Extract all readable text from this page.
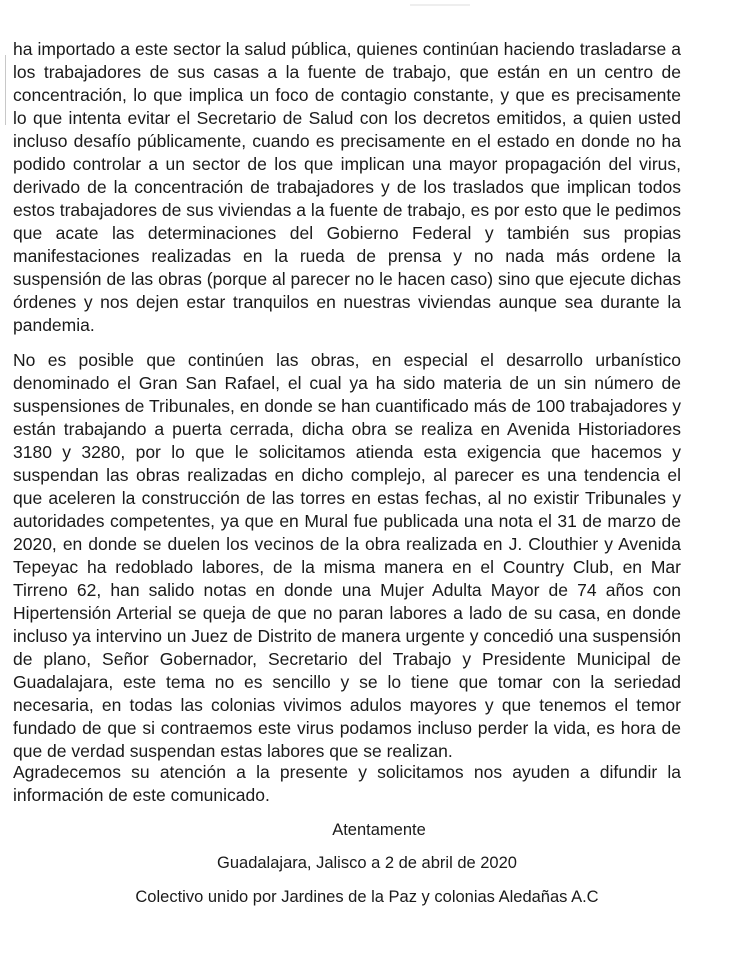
ha importado a este sector la salud pública, quienes continúan haciendo trasladarse a los trabajadores de sus casas a la fuente de trabajo, que están en un centro de concentración, lo que implica un foco de contagio constante, y que es precisamente lo que intenta evitar el Secretario de Salud con los decretos emitidos, a quien usted incluso desafío públicamente, cuando es precisamente en el estado en donde no ha podido controlar a un sector de los que implican una mayor propagación del virus, derivado de la concentración de trabajadores y de los traslados que implican todos estos trabajadores de sus viviendas a la fuente de trabajo, es por esto que le pedimos que acate las determinaciones del Gobierno Federal y también sus propias manifestaciones realizadas en la rueda de prensa y no nada más ordene la suspensión de las obras (porque al parecer no le hacen caso) sino que ejecute dichas órdenes y nos dejen estar tranquilos en nuestras viviendas aunque sea durante la pandemia.

No es posible que continúen las obras, en especial el desarrollo urbanístico denominado el Gran San Rafael, el cual ya ha sido materia de un sin número de suspensiones de Tribunales, en donde se han cuantificado más de 100 trabajadores y están trabajando a puerta cerrada, dicha obra se realiza en Avenida Historiadores 3180 y 3280, por lo que le solicitamos atienda esta exigencia que hacemos y suspendan las obras realizadas en dicho complejo, al parecer es una tendencia el que aceleren la construcción de las torres en estas fechas, al no existir Tribunales y autoridades competentes, ya que en Mural fue publicada una nota el 31 de marzo de 2020, en donde se duelen los vecinos de la obra realizada en J. Clouthier y Avenida Tepeyac ha redoblado labores, de la misma manera en el Country Club, en Mar Tirreno 62, han salido notas en donde una Mujer Adulta Mayor de 74 años con Hipertensión Arterial se queja de que no paran labores a lado de su casa, en donde incluso ya intervino un Juez de Distrito de manera urgente y concedió una suspensión de plano, Señor Gobernador, Secretario del Trabajo y Presidente Municipal de Guadalajara, este tema no es sencillo y se lo tiene que tomar con la seriedad necesaria, en todas las colonias vivimos adulos mayores y que tenemos el temor fundado de que si contraemos este virus podamos incluso perder la vida, es hora de que de verdad suspendan estas labores que se realizan.

Agradecemos su atención a la presente y solicitamos nos ayuden a difundir la información de este comunicado.

Atentamente

Guadalajara, Jalisco a 2 de abril de 2020

Colectivo unido por Jardines de la Paz y colonias Aledañas A.C
